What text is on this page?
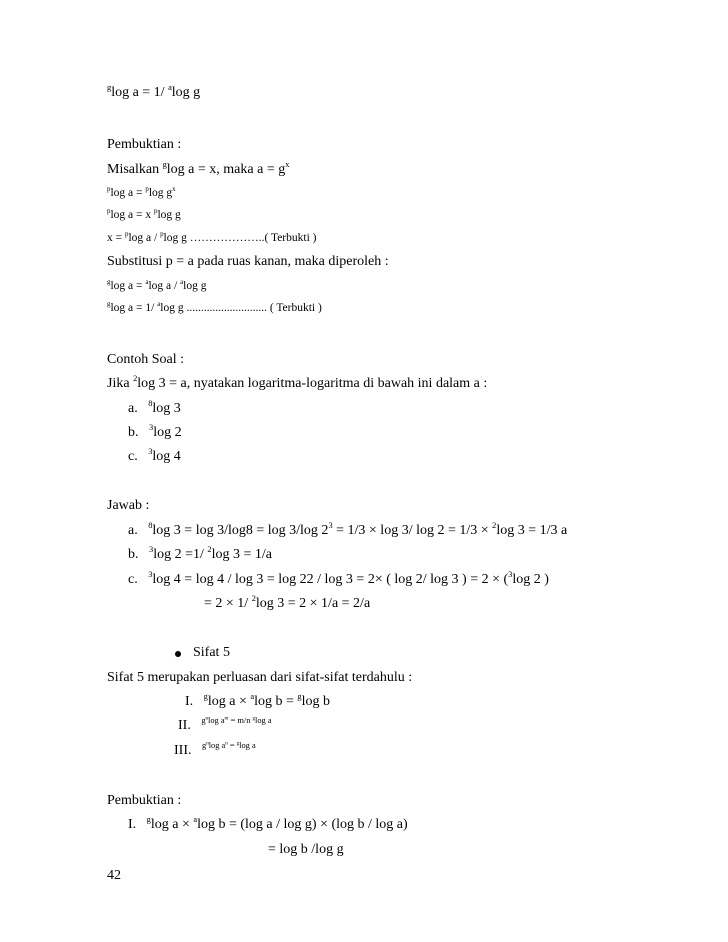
$^g$log a = 1/ $^a$log g
Pembuktian :
Misalkan $^g$log a = x, maka $a = g^x$
$^p$log a = $^p$log $g^x$
$^p$log a = x $^p$log g
x = $^p$log a / $^p$log g ………………..( Terbukti )
Substitusi p = a pada ruas kanan, maka diperoleh :
$^g$log a = $^a$log a / $^a$log g
$^g$log a = 1/ $^a$log g ............................ ( Terbukti )
Contoh Soal :
Jika $^2$log 3 = a, nyatakan logaritma-logaritma di bawah ini dalam a :
a.   $^8$log 3
b.   $^3$log 2
c.   $^3$log 4
Jawab :
a.   $^8$log 3 = log 3/log8 = log 3/log $2^3 = 1/3 \times \log 3/$ log 2 = 1/3 × $^2$log 3 = 1/3 a
b.   $^3$log 2 =1/ $^2$log 3 = 1/a
c.   $^3$log 4 = log 4 / log 3 = log 22 / log 3 = 2× ( log 2/ log 3 ) = 2 × ($^3$log 2 )
= 2 × 1/ $^2$log 3 = 2 × 1/a = 2/a
Sifat 5
Sifat 5 merupakan perluasan dari sifat-sifat terdahulu :
I.   $^g$log a × $^a$log b = $^g$log b
II.   $^{g^nlog a^m = m/n ^glog a}$
III.   $^{g^nlog a^n = ^glog a}$
Pembuktian :
I.   $^g$log a × $^a$log b = (log a / log g) × (log b / log a)
= log b /log g
42
